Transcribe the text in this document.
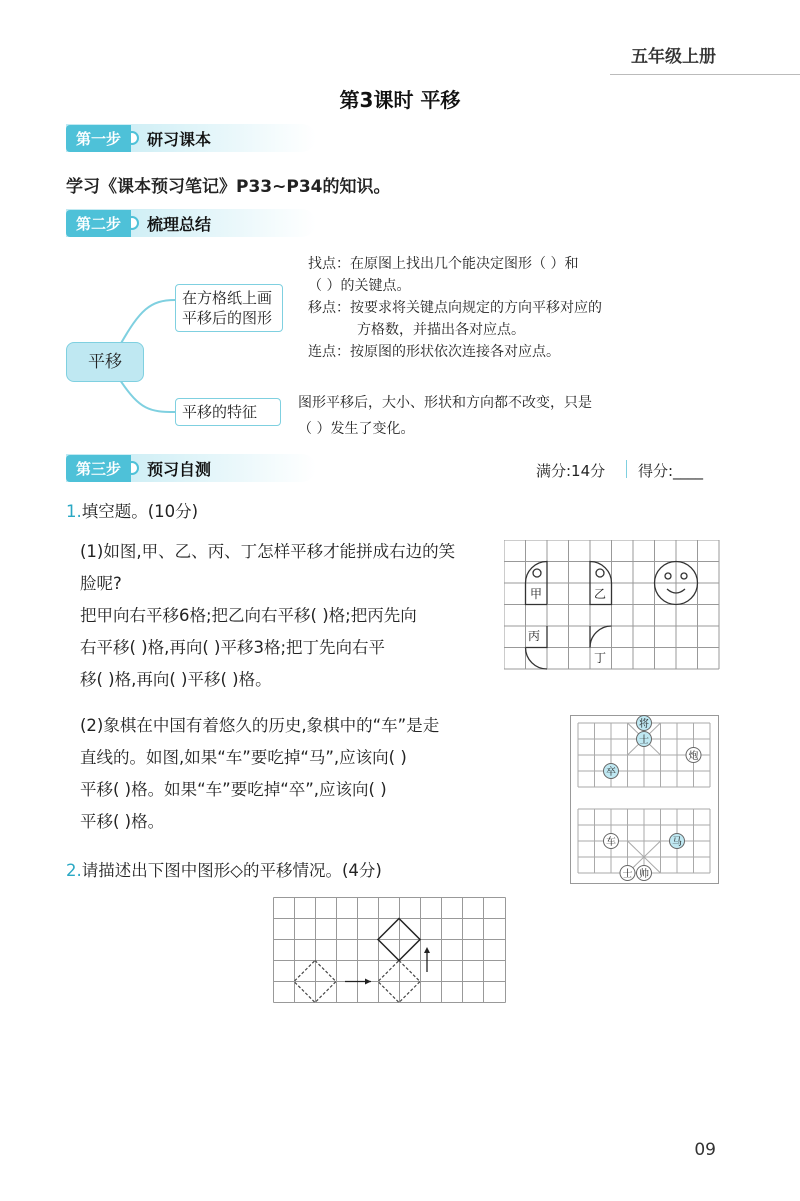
五年级上册
第3课时 平移
第一步	研习课本
学习《课本预习笔记》P33~P34的知识。
第二步	梳理总结
平移
在方格纸上画
平移后的图形
平移的特征
找点：在原图上找出几个能决定图形（ ）和
（ ）的关键点。
移点：按要求将关键点向规定的方向平移对应的
方格数，并描出各对应点。
连点：按原图的形状依次连接各对应点。
图形平移后，大小、形状和方向都不改变，只是
（ ）发生了变化。
第三步	预习自测	满分:14分 得分:____
1.填空题。(10分)
(1)如图,甲、乙、丙、丁怎样平移才能拼成右边的笑
脸呢?
把甲向右平移6格;把乙向右平移( )格;把丙先向
右平移( )格,再向( )平移3格;把丁先向右平
移( )格,再向( )平移( )格。
甲	乙
丙
丁
(2)象棋在中国有着悠久的历史,象棋中的“车”是走
直线的。如图,如果“车”要吃掉“马”,应该向( )
平移( )格。如果“车”要吃掉“卒”,应该向( )
平移( )格。
将
士
炮
卒
车	马
士 帅
2.请描述出下图中图形◇的平移情况。(4分)
09
